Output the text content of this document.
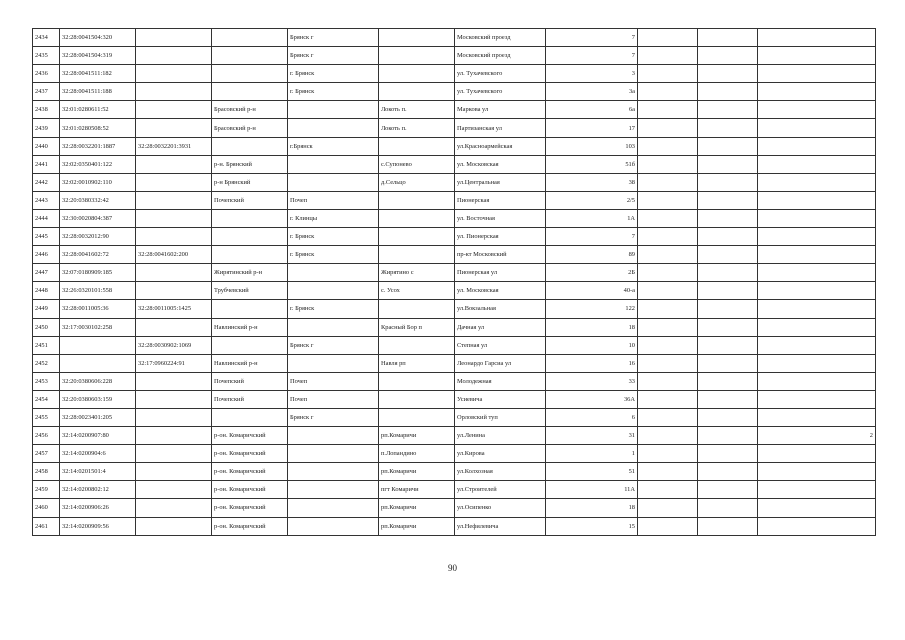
2434	32:28:0041504:320			Брянск г		Московский проезд	7			
2435	32:28:0041504:319			Брянск г		Московский проезд	7			
2436	32:28:0041511:182			г. Брянск		ул. Тухачевского	3			
2437	32:28:0041511:188			г. Брянск		ул. Тухачевского	3а			
2438	32:01:0280611:52		Брасовский р-н		Локоть п.	Маркова ул	6а			
2439	32:01:0280508:52		Брасовский р-н		Локоть п.	Партизанская ул	17			
2440	32:28:0032201:1887	32:28:0032201:3931		г.Брянск		ул.Красноармейская	103			
2441	32:02:0350401:122		р-н. Брянский		с.Супонево	ул. Московская	51б			
2442	32:02:0010902:110		р-н Брянский		д.Сельцо	ул.Центральная	38			
2443	32:20:0380332:42		Почепский	Почеп		Пионерская	2/5			
2444	32:30:0020804:387			г. Клинцы		ул. Восточная	1А			
2445	32:28:0032012:90			г. Брянск		ул. Пионерская	7			
2446	32:28:0041602:72	32:28:0041602:200		г. Брянск		пр-кт Московский	89			
2447	32:07:0180909:185		Жирятинский р-н		Жирятино с	Пионерская ул	2Б			
2448	32:26:0320101:558		Трубчевский		с. Усох	ул. Московская	40-а			
2449	32:28:0011005:36	32:28:0011005:1425		г. Брянск		ул.Вокзальная	122			
2450	32:17:0030102:258		Навлинский р-н		Красный Бор п	Дачная ул	18			
2451		32:28:0030902:1069		Брянск г		Степная ул	10			
2452		32:17:0960224:91	Навлинский р-н		Навля рп	Леонардо Гарсиа ул	16			
2453	32:20:0380606:228		Почепский	Почеп		Молодежная	33			
2454	32:20:0380603:159		Почепский	Почеп		Усиевича	36А			
2455	32:28:0023401:205			Брянск г		Орловский туп	6			
2456	32:14:0200907:80		р-он. Комаричский		рп.Комаричи	ул.Ленина	31			2
2457	32:14:0200904:6		р-он. Комаричский		п.Лопандино	ул.Кирова	1			
2458	32:14:0201501:4		р-он. Комаричский		рп.Комаричи	ул.Колхозная	51			
2459	32:14:0200802:12		р-он. Комаричский		пгт Комаричи	ул.Строителей	11А			
2460	32:14:0200906:26		р-он. Комаричский		рп.Комаричи	ул.Осипенко	18			
2461	32:14:0200909:56		р-он. Комаричский		рп.Комаричи	ул.Нефилевича	15			
90
